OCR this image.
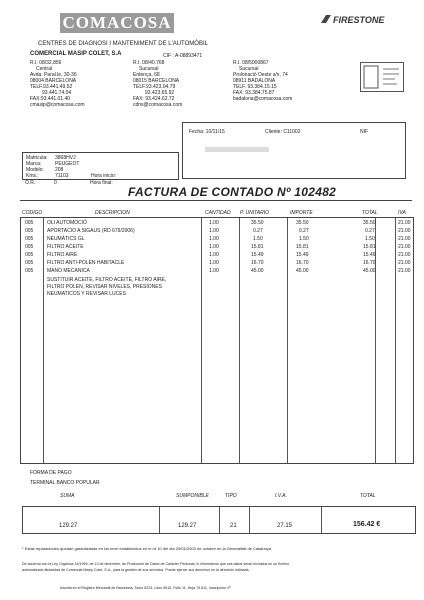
COMACOSA	FIRESTONE
CENTRES DE DIAGNOSI I MANTENIMENT DE L'AUTOMÒBIL
COMERCIAL MASIP COLET, S.A	CIF : A-08893471
R.I. 08/32.856
Central
Avda. Paral.le, 30-36
08004 BARCELONA
TELF.93.441.49.52
93.441.74.04
FAX:93.441.01.40
cmasip@comacosa.com
R.I. 08/40.768
Sucursal
Entença, 68
08015 BARCELONA
TELF.93.423.04.79
93.423.65.92
FAX: 93.424.62.72
cdns@comacosa.com
R.I. 08/5000867
Sucursal
Prolonació Oeste s/n, 74
08911 BADALONA
TELF. 93.384.15.15
FAX: 93.384.75.87
badalona@comacosa.com
Fecha: 10/11/15	Cliente: C11002	NIF
Matricula: 3868HVJ
Marca:	PEUGEOT
Modelo: 208
Kms.:	71103	Hora inicio:
O.R.:	0	Hora final:
FACTURA DE CONTADO Nº 102482
CODIGO	DESCRIPCION	CANTIDAD P. UNITARIO	IMPORTE	TOTAL	IVA
005	OLI AUTOMOCIÓ	1.00	35.50	35.50	35.50	21.00
005	APORTACIO A SIGAUS (RD 679/2006)	1.00	0.27	0.27	0.27	21.00
005	NEUMÀTICS GL	1.00	1.50	1.50	1.50	21.00
005	FILTRO ACEITE	1.00	15.81	15.81	15.81	21.00
005	FILTRO AIRE	1.00	15.49	15.49	15.49	21.00
005	FILTRO ANTI-POLEN HABITACLE	1.00	16.70	16.70	16.70	21.00
005	MANO MECANICA	1.00	45.00	45.00	45.00	21.00
SUSTITUIR ACEITE, FILTRO ACEITE, FILTRO AIRE,
FILTRO POLEN, REVISAR NIVELES, PRESIONES
NEUMATICOS Y REVISAR LUCES
FORMA DE PAGO
TERMINAL BANCO POPULAR
SUMA	SUMPONIBLE	TIPO	I.V.A.	TOTAL
129.27	129.27	21	27.15	156.42 €
* Estas reparaciones quedan garantizadas en los term establecidos en el rd 10 del día 29/01/2003 de octubre en la Generalitat de Catalunya
De acuerdo con la Ley Orgánica 15/1999, de 13 de diciembre, de Protección de Datos de Carácter Personal, le informamos que sus datos serán incluidos en un fichero
automatizado titularidad de Comercial Masip Colet, S.A., para la gestión de sus servicios. Puede ejercer sus derechos en la dirección indicada.
Inscrita en el Registro Mercantil de Barcelona, Tomo 6223, Libro 5510, Folio 11, Hoja 75.811, Inscripción 1ª
